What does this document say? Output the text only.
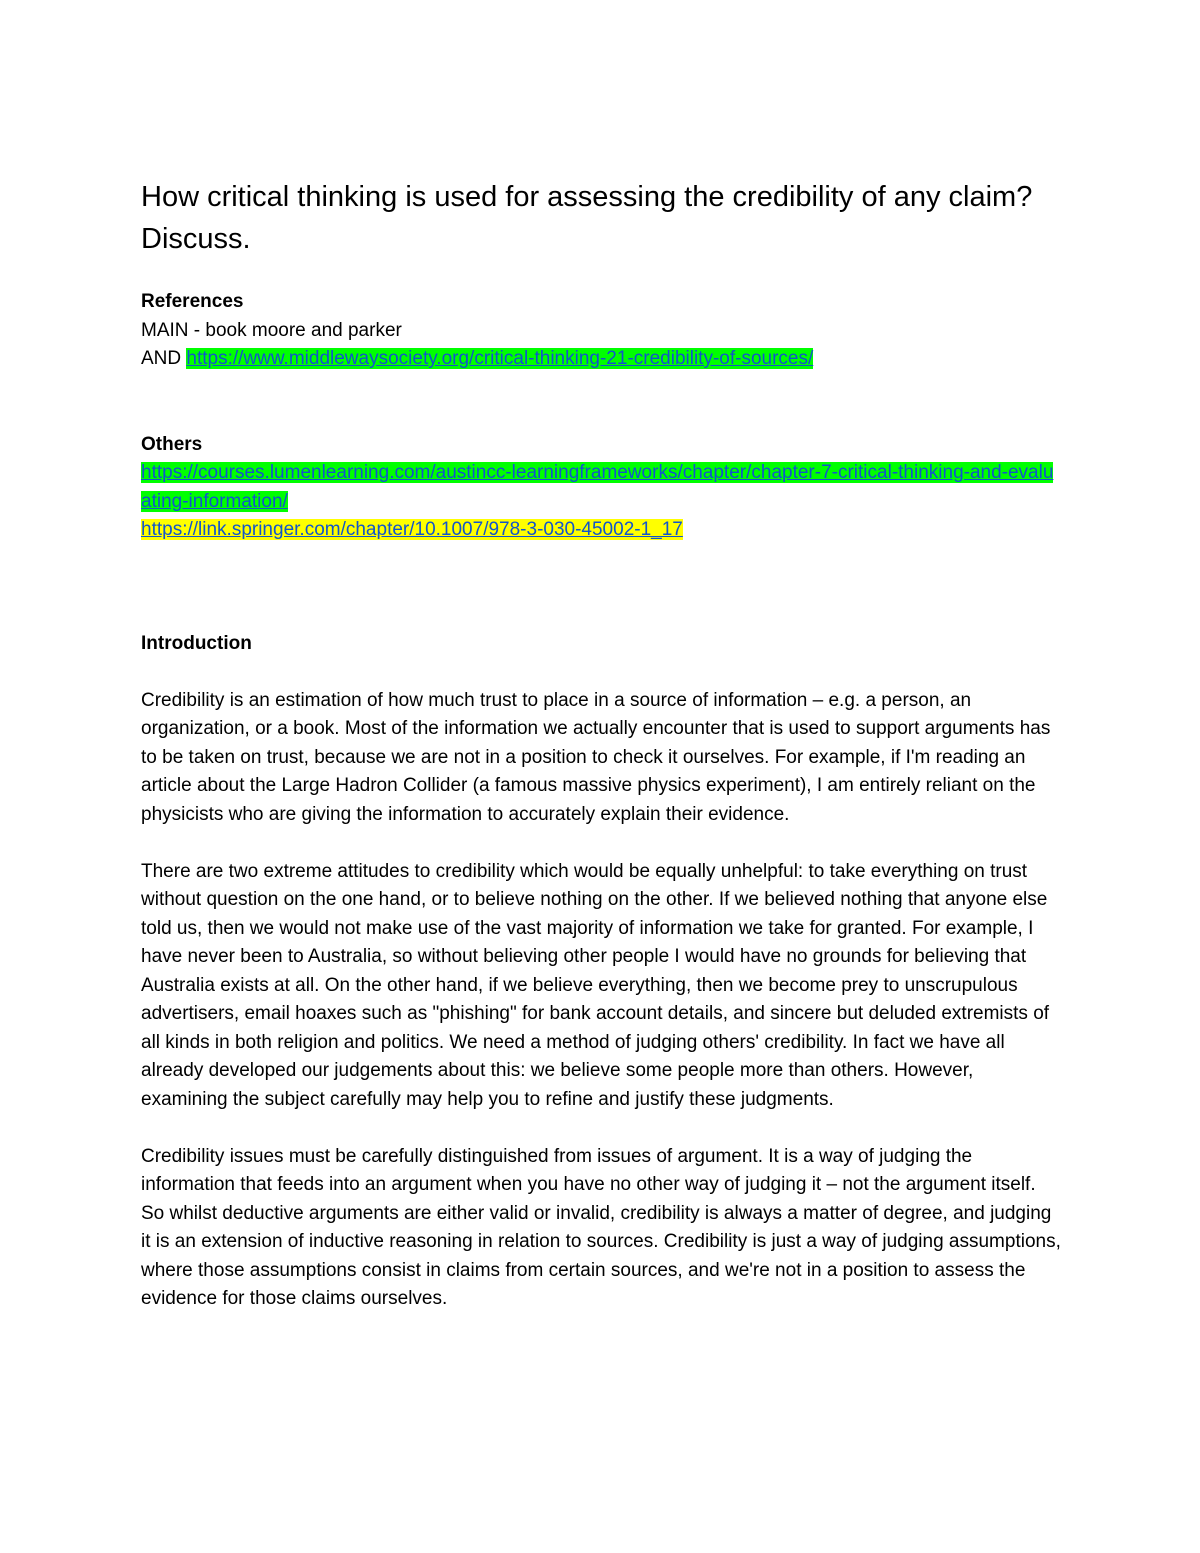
How critical thinking is used for assessing the credibility of any claim? Discuss.
References
MAIN - book moore and parker
AND https://www.middlewaysociety.org/critical-thinking-21-credibility-of-sources/
Others
https://courses.lumenlearning.com/austincc-learningframeworks/chapter/chapter-7-critical-thinking-and-evaluating-information/
https://link.springer.com/chapter/10.1007/978-3-030-45002-1_17
Introduction

Credibility is an estimation of how much trust to place in a source of information – e.g. a person, an organization, or a book. Most of the information we actually encounter that is used to support arguments has to be taken on trust, because we are not in a position to check it ourselves. For example, if I'm reading an article about the Large Hadron Collider (a famous massive physics experiment), I am entirely reliant on the physicists who are giving the information to accurately explain their evidence.

There are two extreme attitudes to credibility which would be equally unhelpful: to take everything on trust without question on the one hand, or to believe nothing on the other. If we believed nothing that anyone else told us, then we would not make use of the vast majority of information we take for granted. For example, I have never been to Australia, so without believing other people I would have no grounds for believing that Australia exists at all. On the other hand, if we believe everything, then we become prey to unscrupulous advertisers, email hoaxes such as "phishing" for bank account details, and sincere but deluded extremists of all kinds in both religion and politics. We need a method of judging others' credibility. In fact we have all already developed our judgements about this: we believe some people more than others. However, examining the subject carefully may help you to refine and justify these judgments.

Credibility issues must be carefully distinguished from issues of argument. It is a way of judging the information that feeds into an argument when you have no other way of judging it – not the argument itself. So whilst deductive arguments are either valid or invalid, credibility is always a matter of degree, and judging it is an extension of inductive reasoning in relation to sources. Credibility is just a way of judging assumptions, where those assumptions consist in claims from certain sources, and we're not in a position to assess the evidence for those claims ourselves.
